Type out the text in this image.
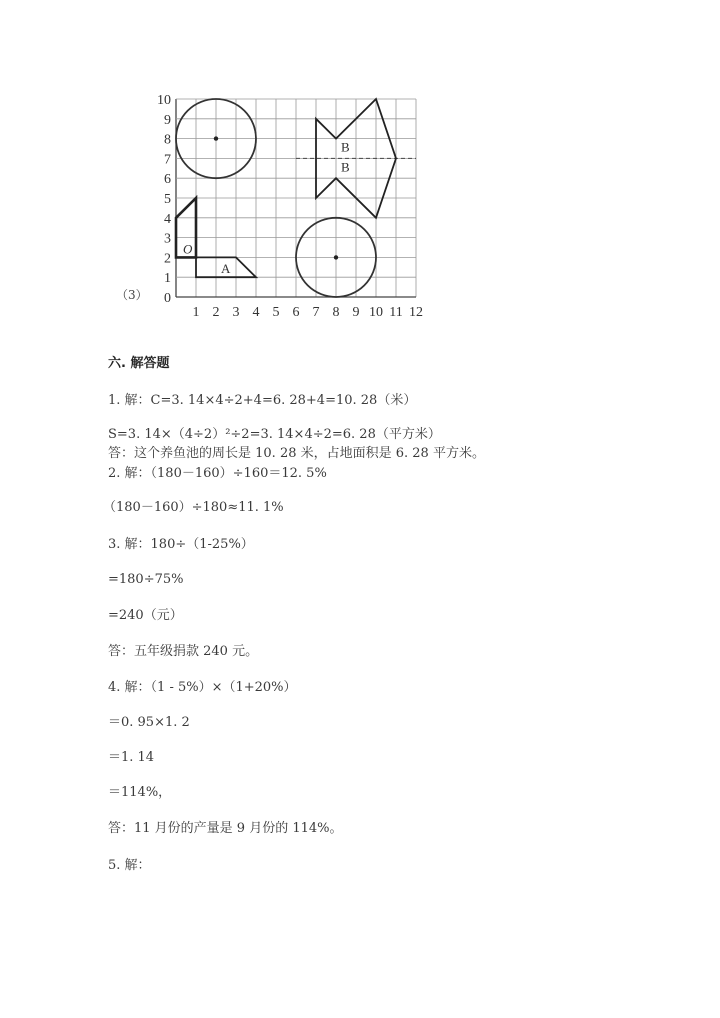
1 2 3 4 5 6 7 8 9 10 11 12
0
1
2
3
4
5
6
7
8
9
10
O
A
B
B
（3）
六. 解答题
1. 解：C=3. 14×4÷2+4=6. 28+4=10. 28（米）
S=3. 14×（4÷2）²÷2=3. 14×4÷2=6. 28（平方米）
答：这个养鱼池的周长是 10. 28 米，占地面积是 6. 28 平方米。
2. 解：（180－160）÷160＝12. 5%
（180－160）÷180≈11. 1%
3. 解：180÷（1-25%）
=180÷75%
=240（元）
答：五年级捐款 240 元。
4. 解：（1 - 5%）×（1+20%）
＝0. 95×1. 2
＝1. 14
＝114%，
答：11 月份的产量是 9 月份的 114%。
5. 解：
